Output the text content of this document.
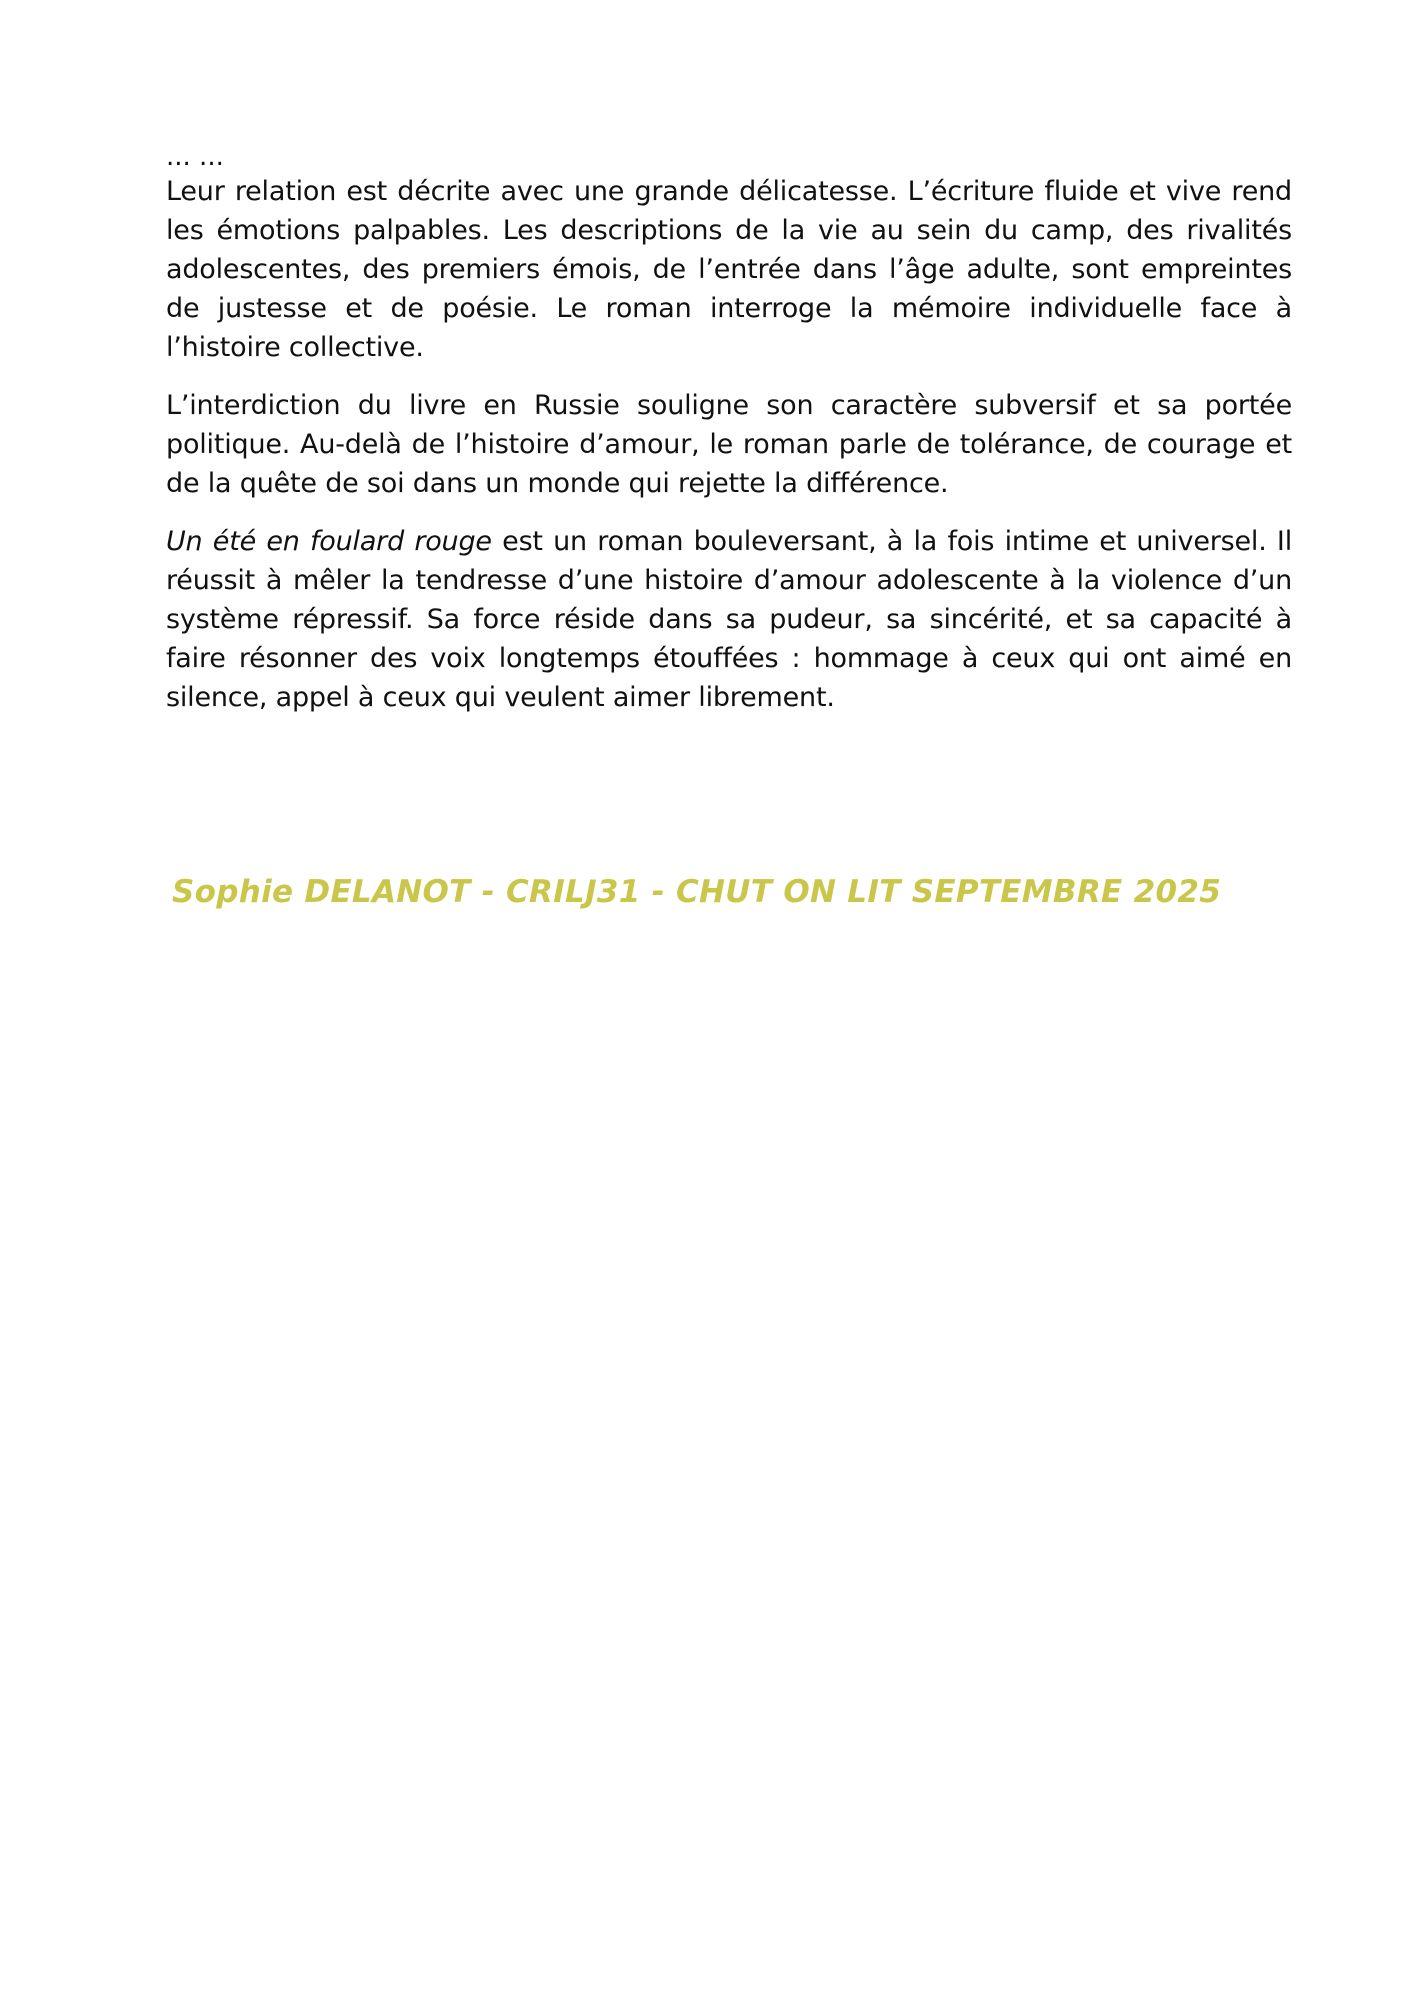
... ...

Leur relation est décrite avec une grande délicatesse. L’écriture fluide et vive rend les émotions palpables. Les descriptions de la vie au sein du camp, des rivalités adolescentes, des premiers émois, de l’entrée dans l’âge adulte, sont empreintes de justesse et de poésie. Le roman interroge la mémoire individuelle face à l’histoire collective.

L’interdiction du livre en Russie souligne son caractère subversif et sa portée politique. Au-delà de l’histoire d’amour, le roman parle de tolérance, de courage et de la quête de soi dans un monde qui rejette la différence.

Un été en foulard rouge est un roman bouleversant, à la fois intime et universel. Il réussit à mêler la tendresse d’une histoire d’amour adolescente à la violence d’un système répressif. Sa force réside dans sa pudeur, sa sincérité, et sa capacité à faire résonner des voix longtemps étouffées : hommage à ceux qui ont aimé en silence, appel à ceux qui veulent aimer librement.

Sophie DELANOT - CRILJ31 - CHUT ON LIT SEPTEMBRE 2025
